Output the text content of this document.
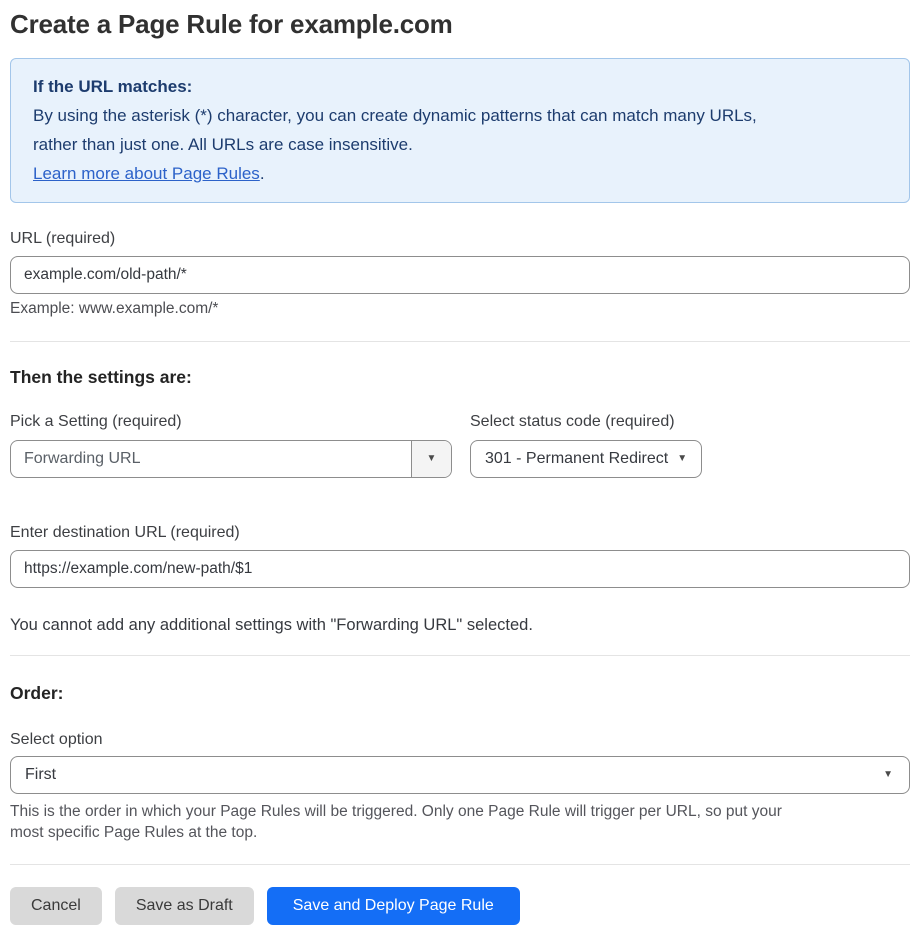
Create a Page Rule for example.com
If the URL matches:
By using the asterisk (*) character, you can create dynamic patterns that can match many URLs,
rather than just one. All URLs are case insensitive.
Learn more about Page Rules.
URL (required)
example.com/old-path/*
Example: www.example.com/*
Then the settings are:
Pick a Setting (required)
Forwarding URL	▼
Select status code (required)
301 - Permanent Redirect ▼
Enter destination URL (required)
https://example.com/new-path/$1
You cannot add any additional settings with "Forwarding URL" selected.
Order:
Select option
First	▼
This is the order in which your Page Rules will be triggered. Only one Page Rule will trigger per URL, so put your
most specific Page Rules at the top.
Cancel	Save as Draft	Save and Deploy Page Rule
